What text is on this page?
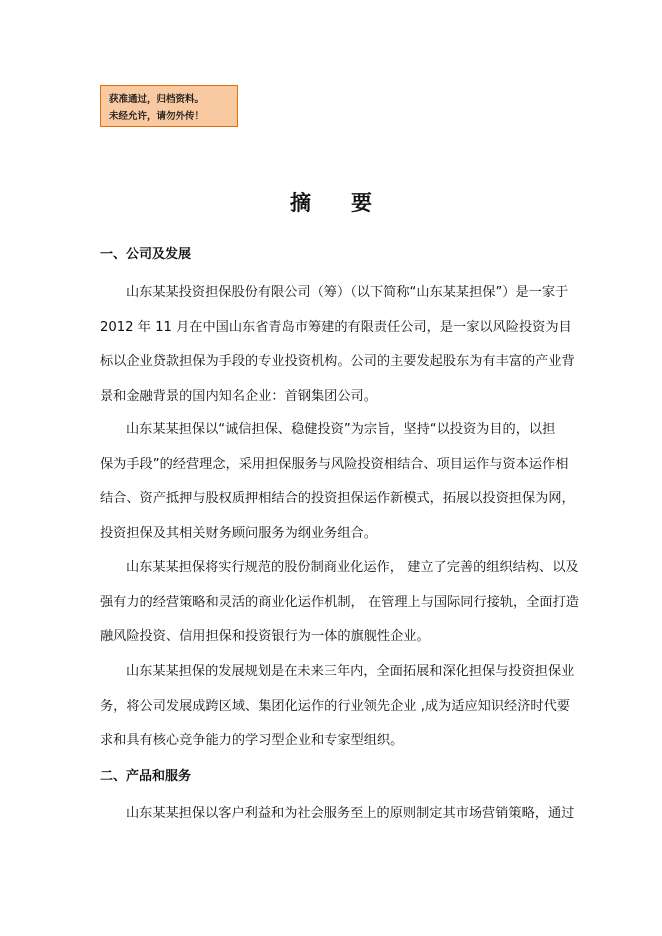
获准通过，归档资料。
未经允许，请勿外传！
摘要
一、公司及发展
山东某某投资担保股份有限公司（筹）（以下简称“山东某某担保”）是一家于
2012 年 11 月在中国山东省青岛市筹建的有限责任公司，是一家以风险投资为目
标以企业贷款担保为手段的专业投资机构。公司的主要发起股东为有丰富的产业背
景和金融背景的国内知名企业：首钢集团公司。
山东某某担保以“诚信担保、稳健投资”为宗旨，坚持“以投资为目的，以担
保为手段”的经营理念，采用担保服务与风险投资相结合、项目运作与资本运作相
结合、资产抵押与股权质押相结合的投资担保运作新模式，拓展以投资担保为网，
投资担保及其相关财务顾问服务为纲业务组合。
山东某某担保将实行规范的股份制商业化运作， 建立了完善的组织结构、以及
强有力的经营策略和灵活的商业化运作机制， 在管理上与国际同行接轨，全面打造
融风险投资、信用担保和投资银行为一体的旗舰性企业。
山东某某担保的发展规划是在未来三年内，全面拓展和深化担保与投资担保业
务，将公司发展成跨区域、集团化运作的行业领先企业 ,成为适应知识经济时代要
求和具有核心竞争能力的学习型企业和专家型组织。
二、产品和服务
山东某某担保以客户利益和为社会服务至上的原则制定其市场营销策略，通过
